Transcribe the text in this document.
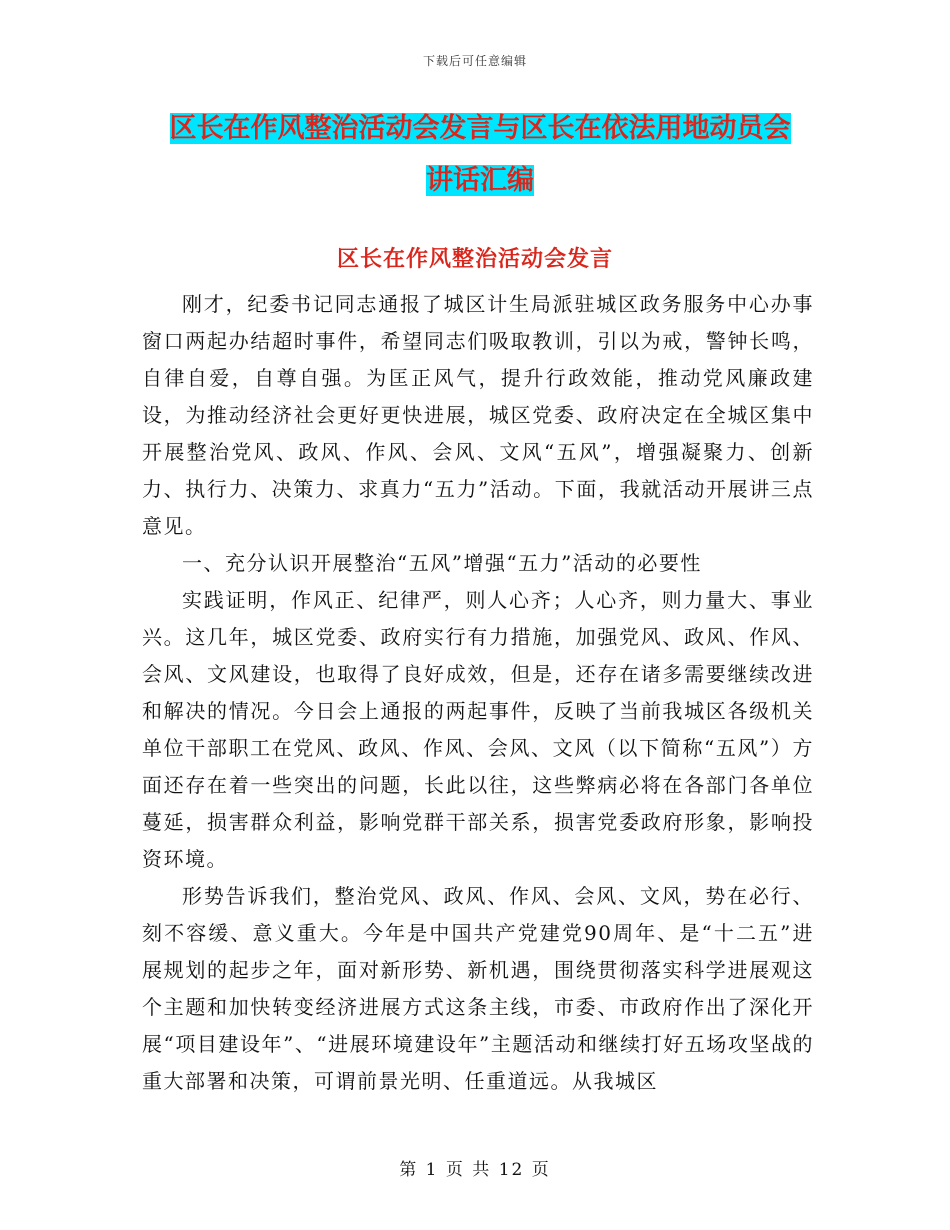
下载后可任意编辑
区长在作风整治活动会发言与区长在依法用地动员会
讲话汇编
区长在作风整治活动会发言

刚才，纪委书记同志通报了城区计生局派驻城区政务服务中心办事窗口两起办结超时事件，希望同志们吸取教训，引以为戒，警钟长鸣，自律自爱，自尊自强。为匡正风气，提升行政效能，推动党风廉政建设，为推动经济社会更好更快进展，城区党委、政府决定在全城区集中开展整治党风、政风、作风、会风、文风“五风”，增强凝聚力、创新力、执行力、决策力、求真力“五力”活动。下面，我就活动开展讲三点意见。

一、充分认识开展整治“五风”增强“五力”活动的必要性

实践证明，作风正、纪律严，则人心齐；人心齐，则力量大、事业兴。这几年，城区党委、政府实行有力措施，加强党风、政风、作风、会风、文风建设，也取得了良好成效，但是，还存在诸多需要继续改进和解决的情况。今日会上通报的两起事件，反映了当前我城区各级机关单位干部职工在党风、政风、作风、会风、文风（以下简称“五风”）方面还存在着一些突出的问题，长此以往，这些弊病必将在各部门各单位蔓延，损害群众利益，影响党群干部关系，损害党委政府形象，影响投资环境。

形势告诉我们，整治党风、政风、作风、会风、文风，势在必行、刻不容缓、意义重大。今年是中国共产党建党90周年、是“十二五”进展规划的起步之年，面对新形势、新机遇，围绕贯彻落实科学进展观这个主题和加快转变经济进展方式这条主线，市委、市政府作出了深化开展“项目建设年”、“进展环境建设年”主题活动和继续打好五场攻坚战的重大部署和决策，可谓前景光明、任重道远。从我城区

第 1 页 共 12 页
